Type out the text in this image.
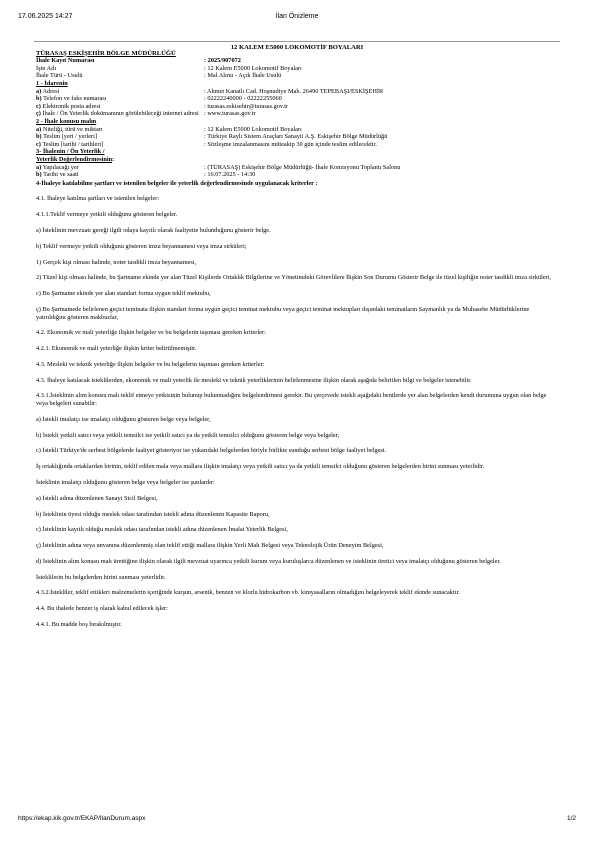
17.06.2025 14:27	İlan Önizleme
12 KALEM E5000 LOKOMOTİF BOYALARI
TÜRASAŞ ESKİŞEHİR BÖLGE MÜDÜRLÜĞÜ
İhale Kayıt Numarası	: 2025/907072
İşin Adı	: 12 Kalem E5000 Lokomotif Boyaları
İhale Türü - Usulü	: Mal Alımı - Açık İhale Usulü
1 - İdarenin
a) Adresi	: Ahmet Kanatlı Cad. Hoşnudiye Mah. 26490 TEPEBAŞI/ESKİŞEHİR
b) Telefon ve faks numarası	: 02222240000 - 02222255060
c) Elektronik posta adresi	: turasas.eskisehir@turasas.gov.tr
ç) İhale / Ön Yeterlik dokümanının görülebileceği internet adresi : www.turasas.gov.tr
2 - İhale konusu malın
a) Niteliği, türü ve miktarı	: 12 Kalem E5000 Lokomotif Boyaları
b) Teslim [yeri / yerleri]	: Türkiye Raylı Sistem Araçları Sanayii A.Ş. Eskişehir Bölge Müdürlüğü
c) Teslim [tarihi / tarihleri]	: Sözleşme imzalanmasını müteakip 30 gün içinde teslim edilecektir.
3- İhalenin / Ön Yeterlik /
Yeterlik Değerlendirmesinin:
a) Yapılacağı yer	: (TÜRASAŞ) Eskişehir Bölge Müdürlüğü- İhale Komisyonu Toplantı Salonu
b) Tarihi ve saati	: 16.07.2025 - 14:30
4-İhaleye katılabilme şartları ve istenilen belgeler ile yeterlik değerlendirmesinde uygulanacak kriterler :
4.1. İhaleye katılma şartları ve istenilen belgeler:
4.1.1.Teklif vermeye yetkili olduğunu gösteren belgeler.
a) İsteklinin mevzuatı gereği ilgili odaya kayıtlı olarak faaliyette bulunduğunu gösterir belge.
b) Teklif vermeye yetkili olduğunu gösteren imza beyannamesi veya imza sirküleri;
1) Gerçek kişi olması halinde, noter tasdikli imza beyannamesi,
2) Tüzel kişi olması halinde, bu Şartname ekinde yer alan Tüzel Kişilerde Ortaklık Bilgilerine ve Yönetimdeki Görevlilere İlişkin Son Durumu Gösterir Belge ile tüzel kişiliğin noter tasdikli imza sirküleri,
c) Bu Şartname ekinde yer alan standart forma uygun teklif mektubu,
ç) Bu Şartnamede belirlenen geçici teminata ilişkin standart forma uygun geçici teminat mektubu veya geçici teminat mektupları dışındaki teminatların Saymanlık ya da Muhasebe Müdürlüklerine yatırıldığını gösteren makbuzlar,
4.2. Ekonomik ve mali yeterliğe ilişkin belgeler ve bu belgelerin taşıması gereken kriterler:
4.2.1. Ekonomik ve mali yeterliğe ilişkin kriter belirtilmemiştir.
4.3. Mesleki ve teknik yeterliğe ilişkin belgeler ve bu belgelerin taşıması gereken kriterler:
4.3. İhaleye katılacak isteklilerden, ekonomik ve mali yeterlik ile mesleki ve teknik yeterliklerinin belirlenmesine ilişkin olarak aşağıda belirtilen bilgi ve belgeler istenebilir.
4.3.1.İsteklinin alım konusu malı teklif etmeye yetkisinin bulunup bulunmadığını belgelendirmesi gerekir. Bu çerçevede istekli aşağıdaki bentlerde yer alan belgelerden kendi durumuna uygun olan belge veya belgeleri sunabilir:
a) İstekli imalatçı ise imalatçı olduğunu gösteren belge veya belgeler,
b) İstekli yetkili satıcı veya yetkili temsilci ise yetkili satıcı ya da yetkili temsilci olduğunu gösteren belge veya belgeler,
c) İstekli Türkiye'de serbest bölgelerde faaliyet gösteriyor ise yukarıdaki belgelerden biriyle birlikte sunduğu serbest bölge faaliyet belgesi.
İş ortaklığında ortaklardan birinin, teklif edilen mala veya mallara ilişkin imalatçı veya yetkili satıcı ya da yetkili temsilci olduğunu gösteren belgelerden birini sunması yeterlidir.
İsteklinin imalatçı olduğunu gösteren belge veya belgeler ise şunlardır:
a) İstekli adına düzenlenen Sanayi Sicil Belgesi,
b) İsteklinin üyesi olduğu meslek odası tarafından istekli adına düzenlenen Kapasite Raporu,
c) İsteklinin kayıtlı olduğu meslek odası tarafından istekli adına düzenlenen İmalat Yeterlik Belgesi,
ç) İsteklinin adına veya unvanına düzenlenmiş olan teklif ettiği mallara ilişkin Yerli Malı Belgesi veya Teknolojik Ürün Deneyim Belgesi,
d) İsteklinin alım konusu malı ürettiğine ilişkin olarak ilgili mevzuat uyarınca yetkili kurum veya kuruluşlarca düzenlenen ve isteklinin üretici veya imalatçı olduğunu gösteren belgeler.
İsteklilerin bu belgelerden birini sunması yeterlidir.
4.3.2.İstekliler, teklif ettikleri malzemelerin içeriğinde kurşun, arsenik, benzen ve klorlu hidrokarbon vb. kimyasalların olmadığını belgeleyerek teklif ekinde sunacaktır.
4.4. Bu ihalede benzer iş olarak kabul edilecek işler:
4.4.1. Bu madde boş bırakılmıştır.
https://ekap.kik.gov.tr/EKAP/IlanDurum.aspx	1/2
